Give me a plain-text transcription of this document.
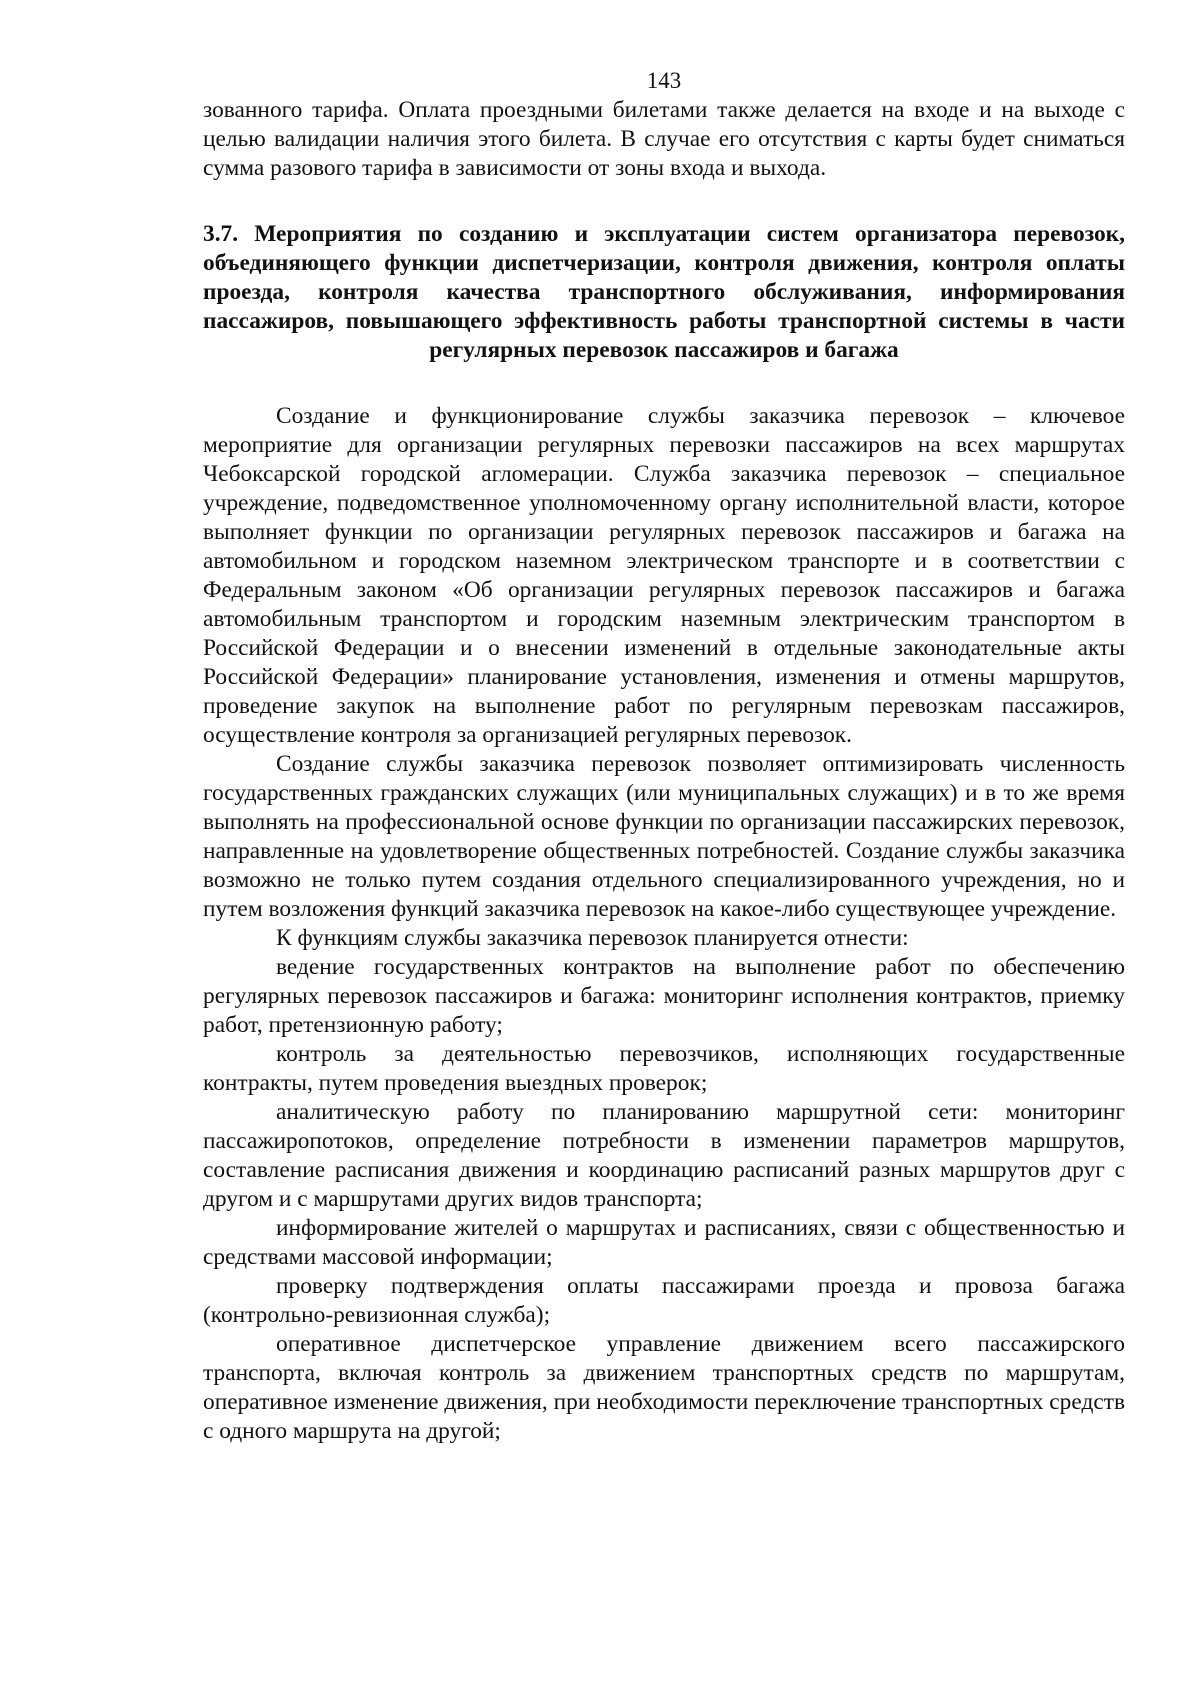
143

зованного тарифа. Оплата проездными билетами также делается на входе и на выходе с целью валидации наличия этого билета. В случае его отсутствия с карты будет сниматься сумма разового тарифа в зависимости от зоны входа и выхода.

3.7. Мероприятия по созданию и эксплуатации систем организатора перевозок, объединяющего функции диспетчеризации, контроля движения, контроля оплаты проезда, контроля качества транспортного обслуживания, информирования пассажиров, повышающего эффективность работы транспортной системы в части регулярных перевозок пассажиров и багажа

Создание и функционирование службы заказчика перевозок – ключевое мероприятие для организации регулярных перевозки пассажиров на всех маршрутах Чебоксарской городской агломерации. Служба заказчика перевозок – специальное учреждение, подведомственное уполномоченному органу исполнительной власти, которое выполняет функции по организации регулярных перевозок пассажиров и багажа на автомобильном и городском наземном электрическом транспорте и в соответствии с Федеральным законом «Об организации регулярных перевозок пассажиров и багажа автомобильным транспортом и городским наземным электрическим транспортом в Российской Федерации и о внесении изменений в отдельные законодательные акты Российской Федерации» планирование установления, изменения и отмены маршрутов, проведение закупок на выполнение работ по регулярным перевозкам пассажиров, осуществление контроля за организацией регулярных перевозок.

Создание службы заказчика перевозок позволяет оптимизировать численность государственных гражданских служащих (или муниципальных служащих) и в то же время выполнять на профессиональной основе функции по организации пассажирских перевозок, направленные на удовлетворение общественных потребностей. Создание службы заказчика возможно не только путем создания отдельного специализированного учреждения, но и путем возложения функций заказчика перевозок на какое-либо существующее учреждение.

К функциям службы заказчика перевозок планируется отнести:

ведение государственных контрактов на выполнение работ по обеспечению регулярных перевозок пассажиров и багажа: мониторинг исполнения контрактов, приемку работ, претензионную работу;

контроль за деятельностью перевозчиков, исполняющих государственные контракты, путем проведения выездных проверок;

аналитическую работу по планированию маршрутной сети: мониторинг пассажиропотоков, определение потребности в изменении параметров маршрутов, составление расписания движения и координацию расписаний разных маршрутов друг с другом и с маршрутами других видов транспорта;

информирование жителей о маршрутах и расписаниях, связи с общественностью и средствами массовой информации;

проверку подтверждения оплаты пассажирами проезда и провоза багажа (контрольно-ревизионная служба);

оперативное диспетчерское управление движением всего пассажирского транспорта, включая контроль за движением транспортных средств по маршрутам, оперативное изменение движения, при необходимости переключение транспортных средств с одного маршрута на другой;
